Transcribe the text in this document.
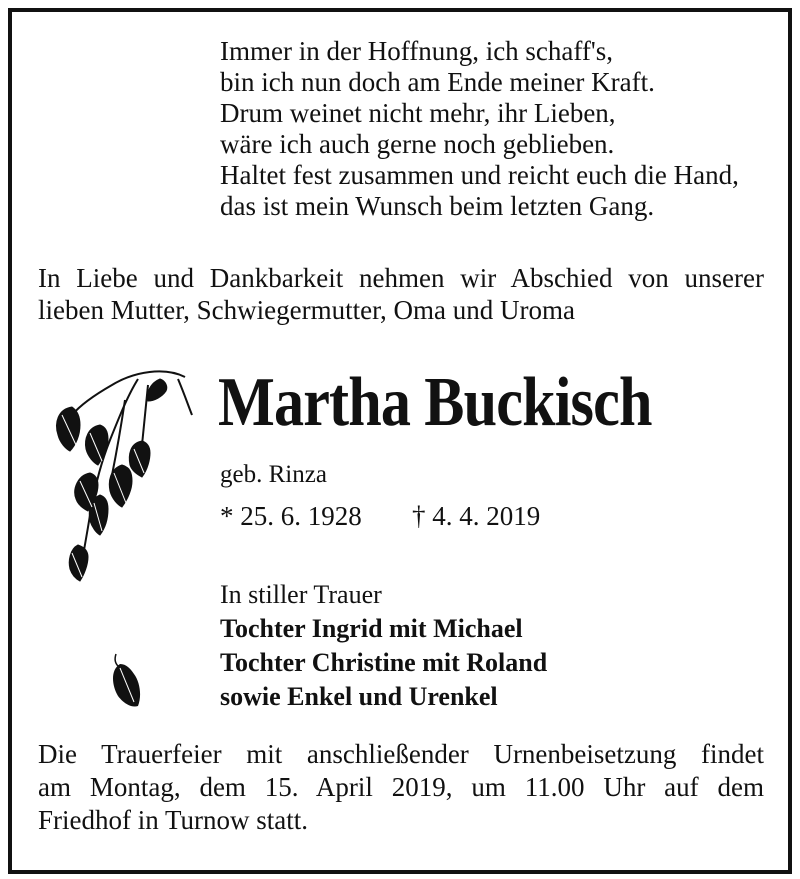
Immer in der Hoffnung, ich schaff's,
bin ich nun doch am Ende meiner Kraft.
Drum weinet nicht mehr, ihr Lieben,
wäre ich auch gerne noch geblieben.
Haltet fest zusammen und reicht euch die Hand,
das ist mein Wunsch beim letzten Gang.
In Liebe und Dankbarkeit nehmen wir Abschied von unserer
lieben Mutter, Schwiegermutter, Oma und Uroma
Martha Buckisch
geb. Rinza
* 25. 6. 1928 † 4. 4. 2019
In stiller Trauer
Tochter Ingrid mit Michael
Tochter Christine mit Roland
sowie Enkel und Urenkel
Die Trauerfeier mit anschließender Urnenbeisetzung findet
am Montag, dem 15. April 2019, um 11.00 Uhr auf dem
Friedhof in Turnow statt.
